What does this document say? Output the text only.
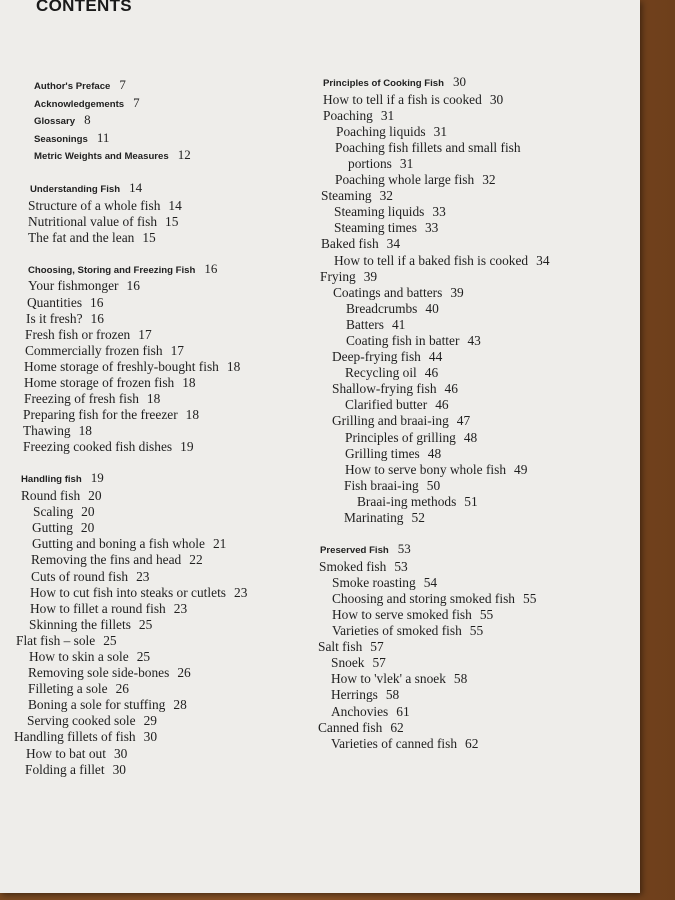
CONTENTS
Author's Preface 7
Acknowledgements 7
Glossary 8
Seasonings 11
Metric Weights and Measures 12
Understanding Fish 14
Structure of a whole fish 14
Nutritional value of fish 15
The fat and the lean 15
Choosing, Storing and Freezing Fish 16
Your fishmonger 16
Quantities 16
Is it fresh? 16
Fresh fish or frozen 17
Commercially frozen fish 17
Home storage of freshly-bought fish 18
Home storage of frozen fish 18
Freezing of fresh fish 18
Preparing fish for the freezer 18
Thawing 18
Freezing cooked fish dishes 19
Handling fish 19
Round fish 20
Scaling 20
Gutting 20
Gutting and boning a fish whole 21
Removing the fins and head 22
Cuts of round fish 23
How to cut fish into steaks or cutlets 23
How to fillet a round fish 23
Skinning the fillets 25
Flat fish – sole 25
How to skin a sole 25
Removing sole side-bones 26
Filleting a sole 26
Boning a sole for stuffing 28
Serving cooked sole 29
Handling fillets of fish 30
How to bat out 30
Folding a fillet 30
Principles of Cooking Fish 30
How to tell if a fish is cooked 30
Poaching 31
Poaching liquids 31
Poaching fish fillets and small fish portions 31
Poaching whole large fish 32
Steaming 32
Steaming liquids 33
Steaming times 33
Baked fish 34
How to tell if a baked fish is cooked 34
Frying 39
Coatings and batters 39
Breadcrumbs 40
Batters 41
Coating fish in batter 43
Deep-frying fish 44
Recycling oil 46
Shallow-frying fish 46
Clarified butter 46
Grilling and braai-ing 47
Principles of grilling 48
Grilling times 48
How to serve bony whole fish 49
Fish braai-ing 50
Braai-ing methods 51
Marinating 52
Preserved Fish 53
Smoked fish 53
Smoke roasting 54
Choosing and storing smoked fish 55
How to serve smoked fish 55
Varieties of smoked fish 55
Salt fish 57
Snoek 57
How to 'vlek' a snoek 58
Herrings 58
Anchovies 61
Canned fish 62
Varieties of canned fish 62
